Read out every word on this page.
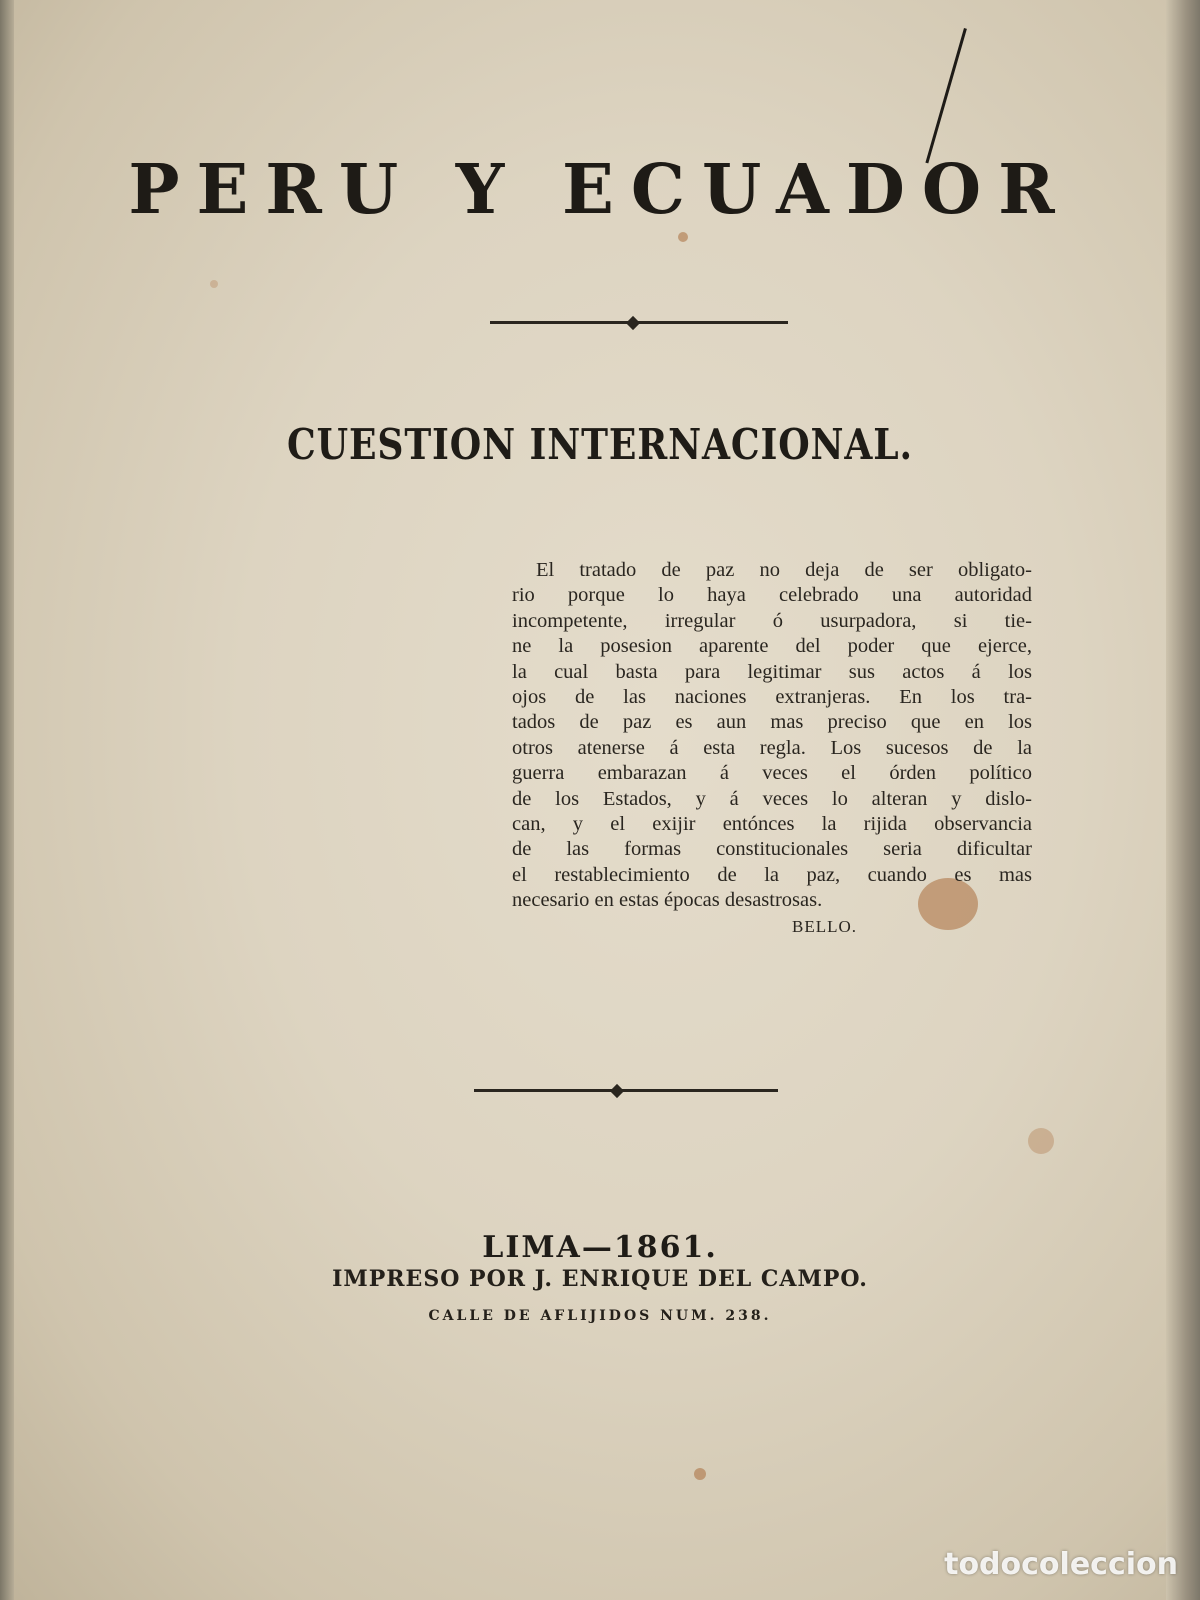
PERU Y ECUADOR
CUESTION INTERNACIONAL.
El tratado de paz no deja de ser obligato-
rio porque lo haya celebrado una autoridad
incompetente, irregular ó usurpadora, si tie-
ne la posesion aparente del poder que ejerce,
la cual basta para legitimar sus actos á los
ojos de las naciones extranjeras. En los tra-
tados de paz es aun mas preciso que en los
otros atenerse á esta regla. Los sucesos de la
guerra embarazan á veces el órden político
de los Estados, y á veces lo alteran y dislo-
can, y el exijir entónces la rijida observancia
de las formas constitucionales seria dificultar
el restablecimiento de la paz, cuando es mas
necesario en estas épocas desastrosas.
BELLO.
LIMA—1861.
IMPRESO POR J. ENRIQUE DEL CAMPO.
CALLE DE AFLIJIDOS NUM. 238.
todocoleccion
